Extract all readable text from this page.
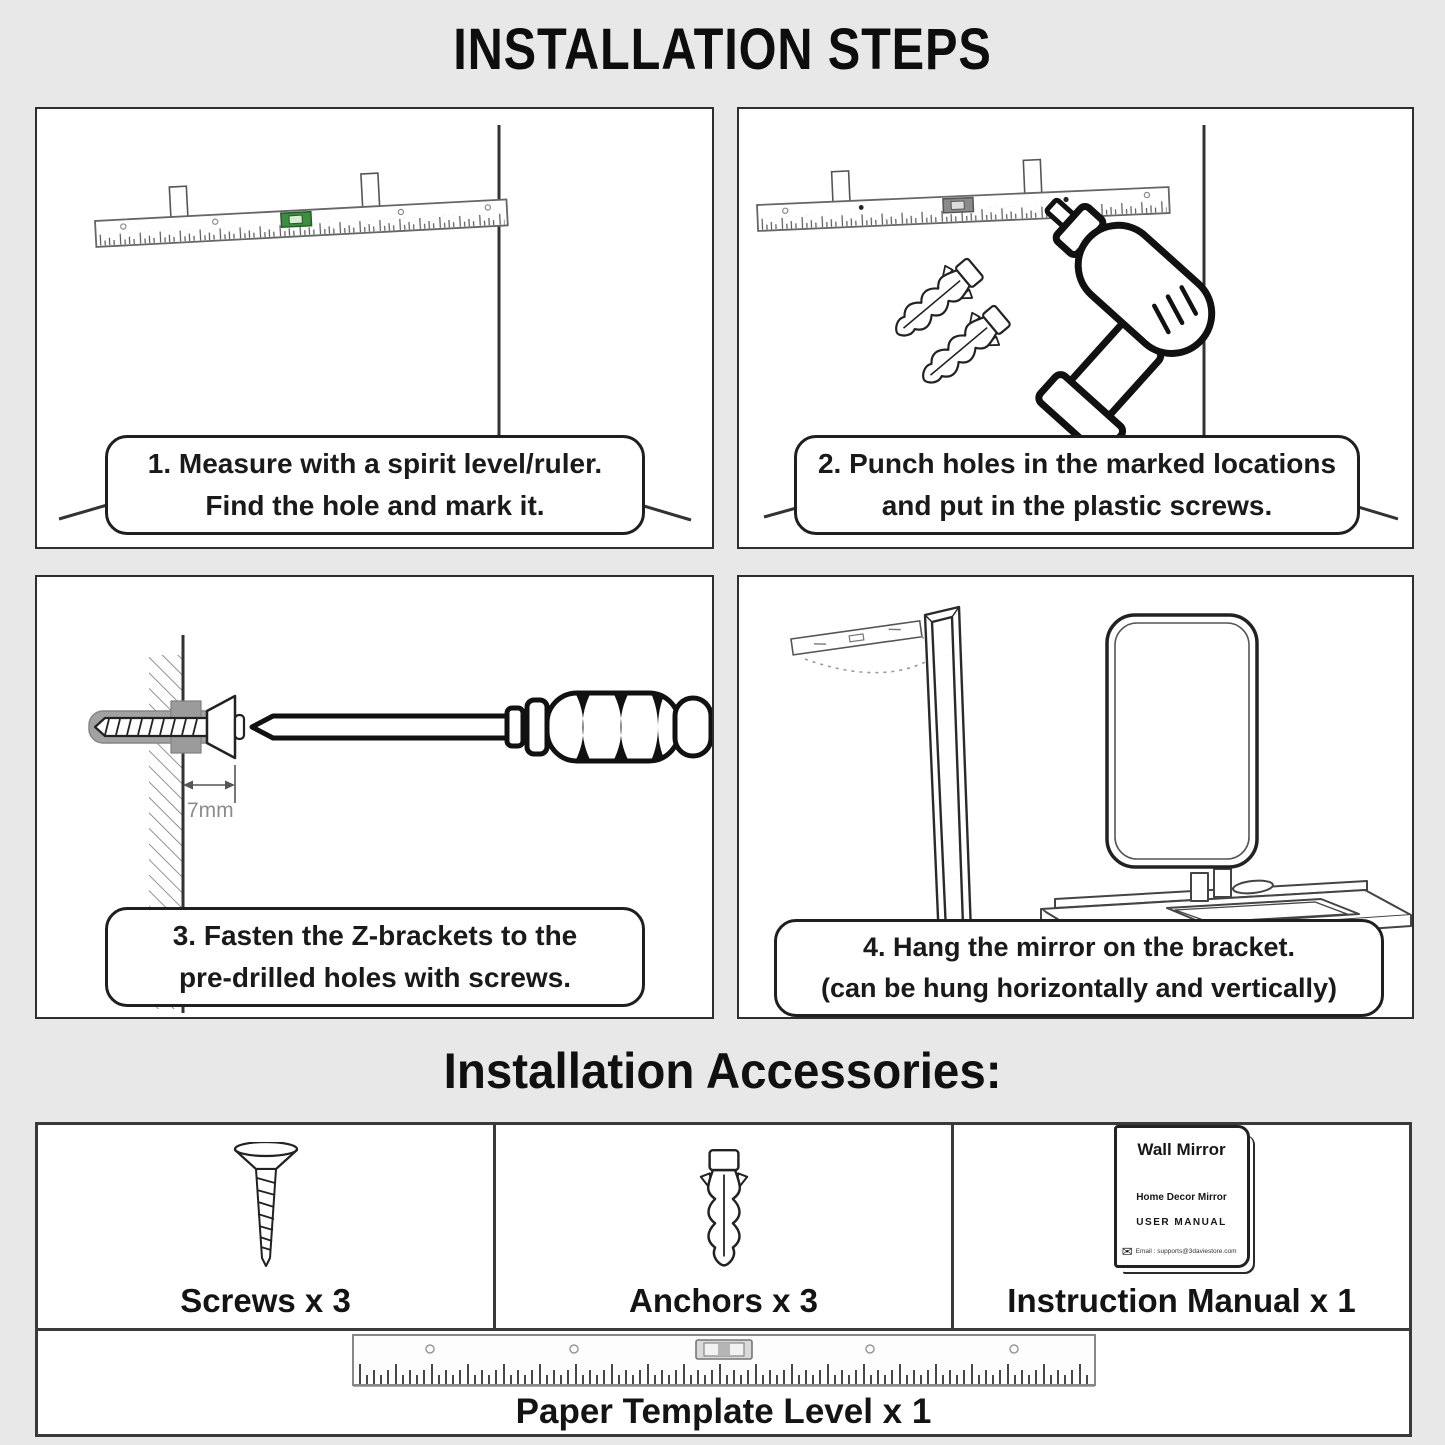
INSTALLATION STEPS
1. Measure with a spirit level/ruler.
Find the hole and mark it.
2. Punch holes in the marked locations
and put in the plastic screws.
7mm
3. Fasten the Z-brackets to the
pre-drilled holes with screws.
4. Hang the mirror on the bracket.
(can be hung horizontally and vertically)
Installation Accessories:
Screws x 3	Anchors x 3
Wall Mirror
Home Decor Mirror
USER MANUAL
✉ Email : supports@3daviestore.com
Instruction Manual x 1
Paper Template Level x 1
